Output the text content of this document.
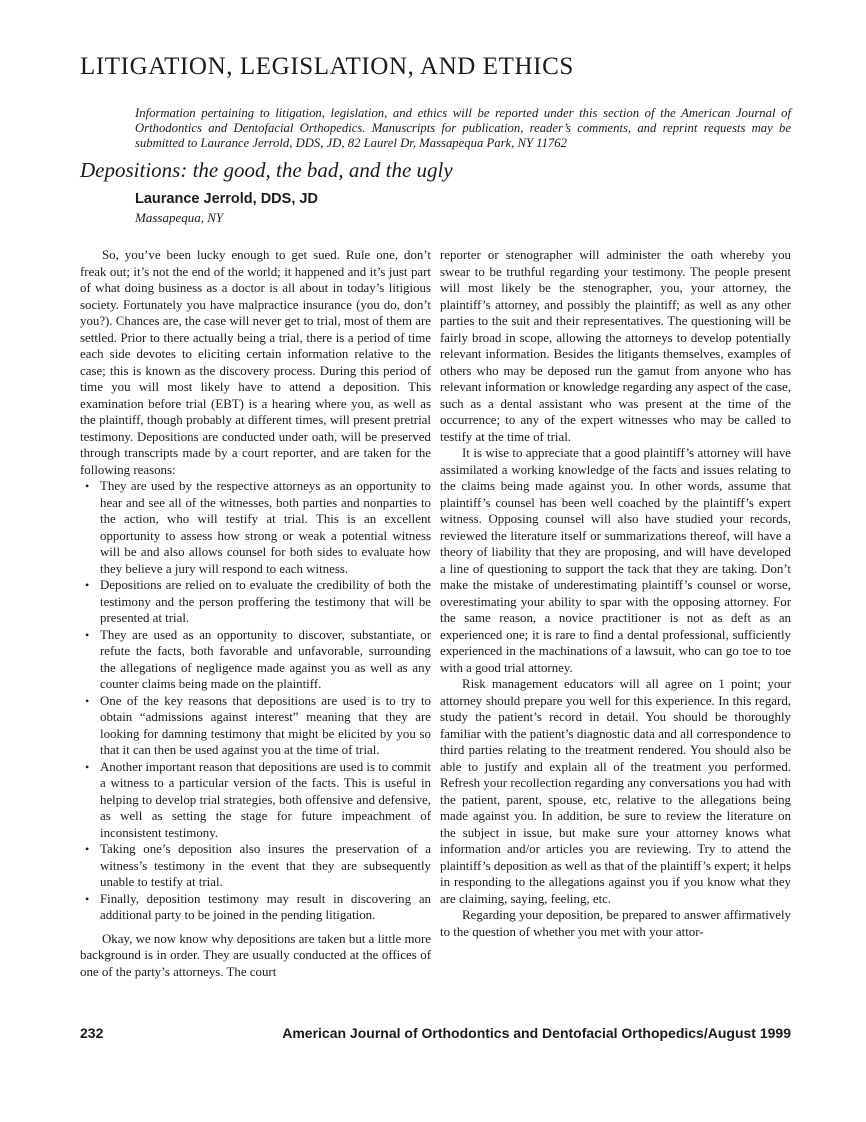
LITIGATION, LEGISLATION, AND ETHICS
Information pertaining to litigation, legislation, and ethics will be reported under this section of the American Journal of Orthodontics and Dentofacial Orthopedics. Manuscripts for publication, reader’s comments, and reprint requests may be submitted to Laurance Jerrold, DDS, JD, 82 Laurel Dr, Massapequa Park, NY 11762
Depositions: the good, the bad, and the ugly
Laurance Jerrold, DDS, JD
Massapequa, NY

So, you’ve been lucky enough to get sued. Rule one, don’t freak out; it’s not the end of the world; it happened and it’s just part of what doing business as a doctor is all about in today’s litigious society. Fortunately you have malpractice insurance (you do, don’t you?). Chances are, the case will never get to trial, most of them are settled. Prior to there actually being a trial, there is a period of time each side devotes to eliciting certain information relative to the case; this is known as the discovery process. During this period of time you will most likely have to attend a deposition. This examination before trial (EBT) is a hearing where you, as well as the plaintiff, though probably at different times, will present pretrial testimony. Depositions are conducted under oath, will be preserved through transcripts made by a court reporter, and are taken for the following reasons:

• They are used by the respective attorneys as an opportunity to hear and see all of the witnesses, both parties and nonparties to the action, who will testify at trial. This is an excellent opportunity to assess how strong or weak a potential witness will be and also allows counsel for both sides to evaluate how they believe a jury will respond to each witness.
• Depositions are relied on to evaluate the credibility of both the testimony and the person proffering the testimony that will be presented at trial.
• They are used as an opportunity to discover, substantiate, or refute the facts, both favorable and unfavorable, surrounding the allegations of negligence made against you as well as any counter claims being made on the plaintiff.
• One of the key reasons that depositions are used is to try to obtain “admissions against interest” meaning that they are looking for damning testimony that might be elicited by you so that it can then be used against you at the time of trial.
• Another important reason that depositions are used is to commit a witness to a particular version of the facts. This is useful in helping to develop trial strategies, both offensive and defensive, as well as setting the stage for future impeachment of inconsistent testimony.
• Taking one’s deposition also insures the preservation of a witness’s testimony in the event that they are subsequently unable to testify at trial.
• Finally, deposition testimony may result in discovering an additional party to be joined in the pending litigation.

Okay, we now know why depositions are taken but a little more background is in order. They are usually conducted at the offices of one of the party’s attorneys. The court

reporter or stenographer will administer the oath whereby you swear to be truthful regarding your testimony. The people present will most likely be the stenographer, you, your attorney, the plaintiff’s attorney, and possibly the plaintiff; as well as any other parties to the suit and their representatives. The questioning will be fairly broad in scope, allowing the attorneys to develop potentially relevant information. Besides the litigants themselves, examples of others who may be deposed run the gamut from anyone who has relevant information or knowledge regarding any aspect of the case, such as a dental assistant who was present at the time of the occurrence; to any of the expert witnesses who may be called to testify at the time of trial.

It is wise to appreciate that a good plaintiff’s attorney will have assimilated a working knowledge of the facts and issues relating to the claims being made against you. In other words, assume that plaintiff’s counsel has been well coached by the plaintiff’s expert witness. Opposing counsel will also have studied your records, reviewed the literature itself or summarizations thereof, will have a theory of liability that they are proposing, and will have developed a line of questioning to support the tack that they are taking. Don’t make the mistake of underestimating plaintiff’s counsel or worse, overestimating your ability to spar with the opposing attorney. For the same reason, a novice practitioner is not as deft as an experienced one; it is rare to find a dental professional, sufficiently experienced in the machinations of a lawsuit, who can go toe to toe with a good trial attorney.

Risk management educators will all agree on 1 point; your attorney should prepare you well for this experience. In this regard, study the patient’s record in detail. You should be thoroughly familiar with the patient’s diagnostic data and all correspondence to third parties relating to the treatment rendered. You should also be able to justify and explain all of the treatment you performed. Refresh your recollection regarding any conversations you had with the patient, parent, spouse, etc, relative to the allegations being made against you. In addition, be sure to review the literature on the subject in issue, but make sure your attorney knows what information and/or articles you are reviewing. Try to attend the plaintiff’s deposition as well as that of the plaintiff’s expert; it helps in responding to the allegations against you if you know what they are claiming, saying, feeling, etc.

Regarding your deposition, be prepared to answer affirmatively to the question of whether you met with your attor-

232	American Journal of Orthodontics and Dentofacial Orthopedics/August 1999
